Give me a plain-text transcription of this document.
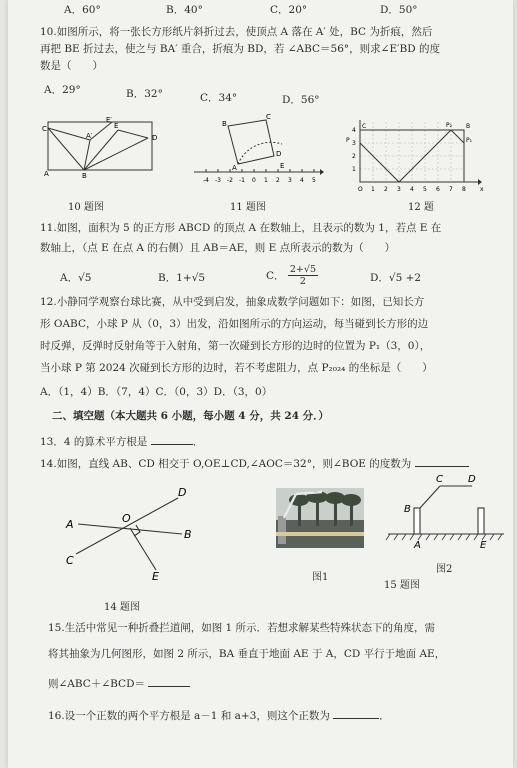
A．60°	B．40°	C．20°	D．50°
10.如图所示，将一张长方形纸片斜折过去，使顶点 A 落在 A′ 处，BC 为折痕，然后
再把 BE 折过去，使之与 BA′ 重合，折痕为 BD，若 ∠ABC＝56°，则求∠E′BD 的度
数是（　　）
A．29°	B．32°	C．34°	D．56°
C	E
A′
E′
D
A	B
10 题图
-4 -3 -2 -1 0 1 2 3 4 5
A
B
C
D
E
11 题图
4
3
2
1
C
P
P₂
P₁
B
O 1 2 3 4 5 6 7 8 x
12 题
11.如图，面积为 5 的正方形 ABCD 的顶点 A 在数轴上，且表示的数为 1，若点 E 在
数轴上，（点 E 在点 A 的右侧）且 AB＝AE，则 E 点所表示的数为（　　）
A．√5	B．1+√5	C． $\frac{2+√5}{2}$	D．√5 +2
12.小静同学观察台球比赛，从中受到启发，抽象成数学问题如下：如图，已知长方
形 OABC，小球 P 从（0，3）出发，沿如图所示的方向运动，每当碰到长方形的边
时反弹，反弹时反射角等于入射角，第一次碰到长方形的边时的位置为 P₁（3，0），
当小球 P 第 2024 次碰到长方形的边时，若不考虑阻力，点 P₂₀₂₄ 的坐标是（　　）
A．（1，4）B．（7，4）C．（0，3）D．（3，0）
二、填空题（本大题共 6 小题，每小题 4 分，共 24 分．）
13．4 的算术平方根是	．
14.如图，直线 AB、CD 相交于 O,OE⊥CD,∠AOC＝32°，则∠BOE 的度数为
D
A	O
B
C
E
14 题图
图1
C	D
B
A	E
图2
15 题图
15.生活中常见一种折叠拦道闸，如图 1 所示．若想求解某些特殊状态下的角度，需
将其抽象为几何图形，如图 2 所示，BA 垂直于地面 AE 于 A，CD 平行于地面 AE，
则∠ABC＋∠BCD＝
16.设一个正数的两个平方根是 a－1 和 a+3，则这个正数为	．
